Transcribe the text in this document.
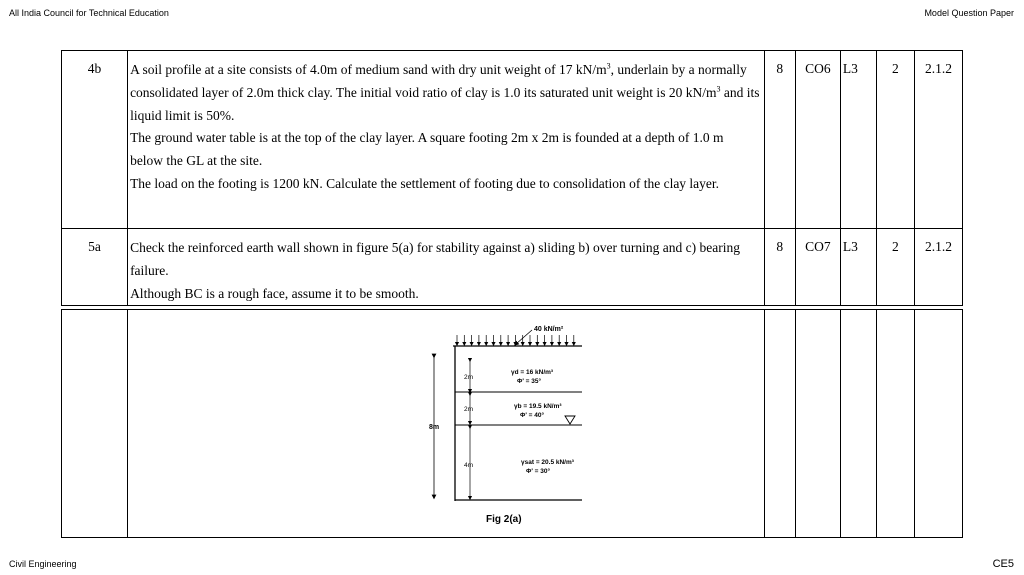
All India Council for Technical Education	Model Question Paper
4b	A soil profile at a site consists of 4.0m of medium sand with dry unit weight of 17 $kN/m^3$, underlain by a normally consolidated layer of 2.0m thick clay. The initial void ratio of clay is 1.0 its saturated unit weight is 20 $kN/m^3$ and its liquid limit is 50%.

The ground water table is at the top of the clay layer. A square footing 2m x 2m is founded at a depth of 1.0 m below the GL at the site.

The load on the footing is 1200 kN. Calculate the settlement of footing due to consolidation of the clay layer.	8	CO6	L3	2	2.1.2
5a	Check the reinforced earth wall shown in figure 5(a) for stability against a) sliding b) over turning and c) bearing failure.

Although BC is a rough face, assume it to be smooth.	8	CO7	L3	2	2.1.2

40 kN/m²
8m
2m
2m
4m
γd = 16 kN/m³
Φ' = 35°
γb = 19.5 kN/m³
Φ' = 40°
γsat = 20.5 kN/m³
Φ' = 30°
Fig 2(a)

Civil Engineering	CE5
